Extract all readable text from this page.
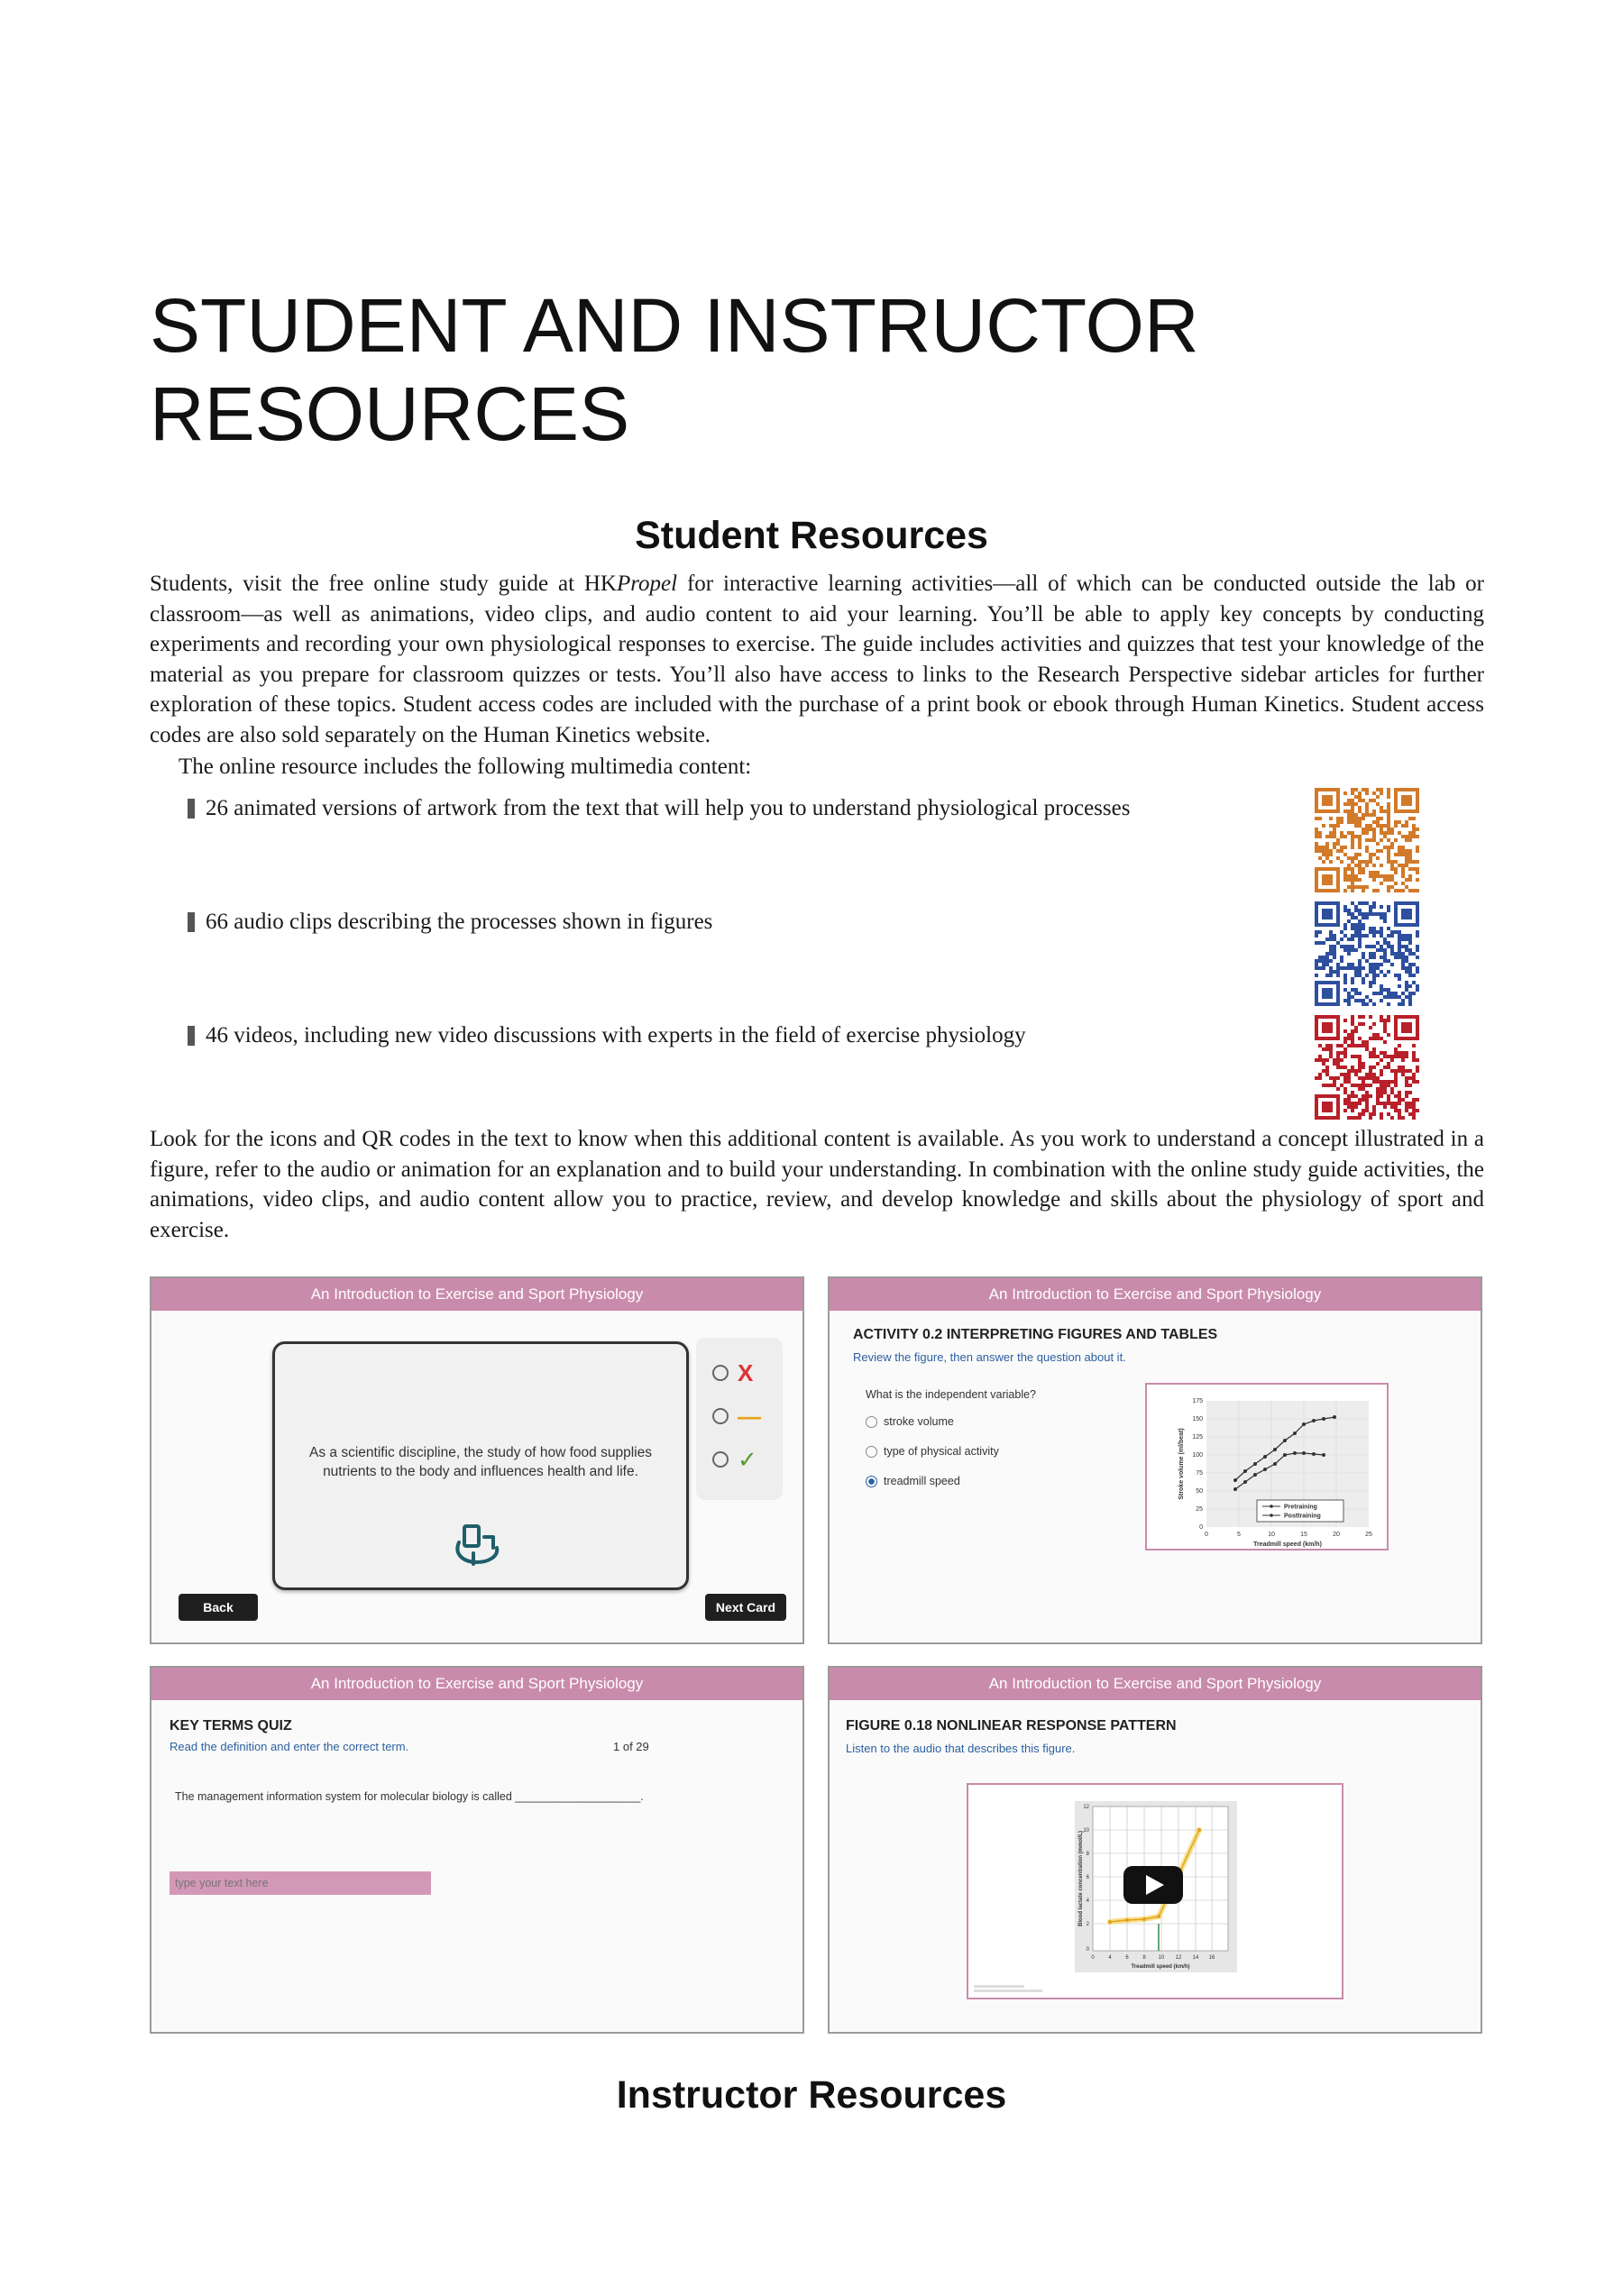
STUDENT AND INSTRUCTOR
RESOURCES
Student Resources

Students, visit the free online study guide at HKPropel for interactive learning activities—all of which can be conducted outside the lab or classroom—as well as animations, video clips, and audio content to aid your learning. You’ll be able to apply key concepts by conducting experiments and recording your own physiological responses to exercise. The guide includes activities and quizzes that test your knowledge of the material as you prepare for classroom quizzes or tests. You’ll also have access to links to the Research Perspective sidebar articles for further exploration of these topics. Student access codes are included with the purchase of a print book or ebook through Human Kinetics. Student access codes are also sold separately on the Human Kinetics website.

The online resource includes the following multimedia content:

26 animated versions of artwork from the text that will help you to understand physiological processes
66 audio clips describing the processes shown in figures
46 videos, including new video discussions with experts in the field of exercise physiology

Look for the icons and QR codes in the text to know when this additional content is available. As you work to understand a concept illustrated in a figure, refer to the audio or animation for an explanation and to build your understanding. In combination with the online study guide activities, the animations, video clips, and audio content allow you to practice, review, and develop knowledge and skills about the physiology of sport and exercise.

An Introduction to Exercise and Sport Physiology
As a scientific discipline, the study of how food supplies nutrients to the body and influences health and life.
X
—
✓
Back	Next Card
An Introduction to Exercise and Sport Physiology
ACTIVITY 0.2 INTERPRETING FIGURES AND TABLES
Review the figure, then answer the question about it.
What is the independent variable?
stroke volume
type of physical activity
treadmill speed
175
150
125
100
75
50
25
0
0	5	10	15	20	25
Treadmill speed (km/h)
Stroke volume (ml/beat)
Pretraining
Posttraining
An Introduction to Exercise and Sport Physiology
KEY TERMS QUIZ
Read the definition and enter the correct term.	1 of 29
The management information system for molecular biology is called ____________________.
type your text here
An Introduction to Exercise and Sport Physiology
FIGURE 0.18 NONLINEAR RESPONSE PATTERN
Listen to the audio that describes this figure.
12
10
8
6
4
2
0
0	4	6	8 10 12 14 16
Treadmill speed (km/h)
Blood lactate concentration (mmol/L)
Instructor Resources
